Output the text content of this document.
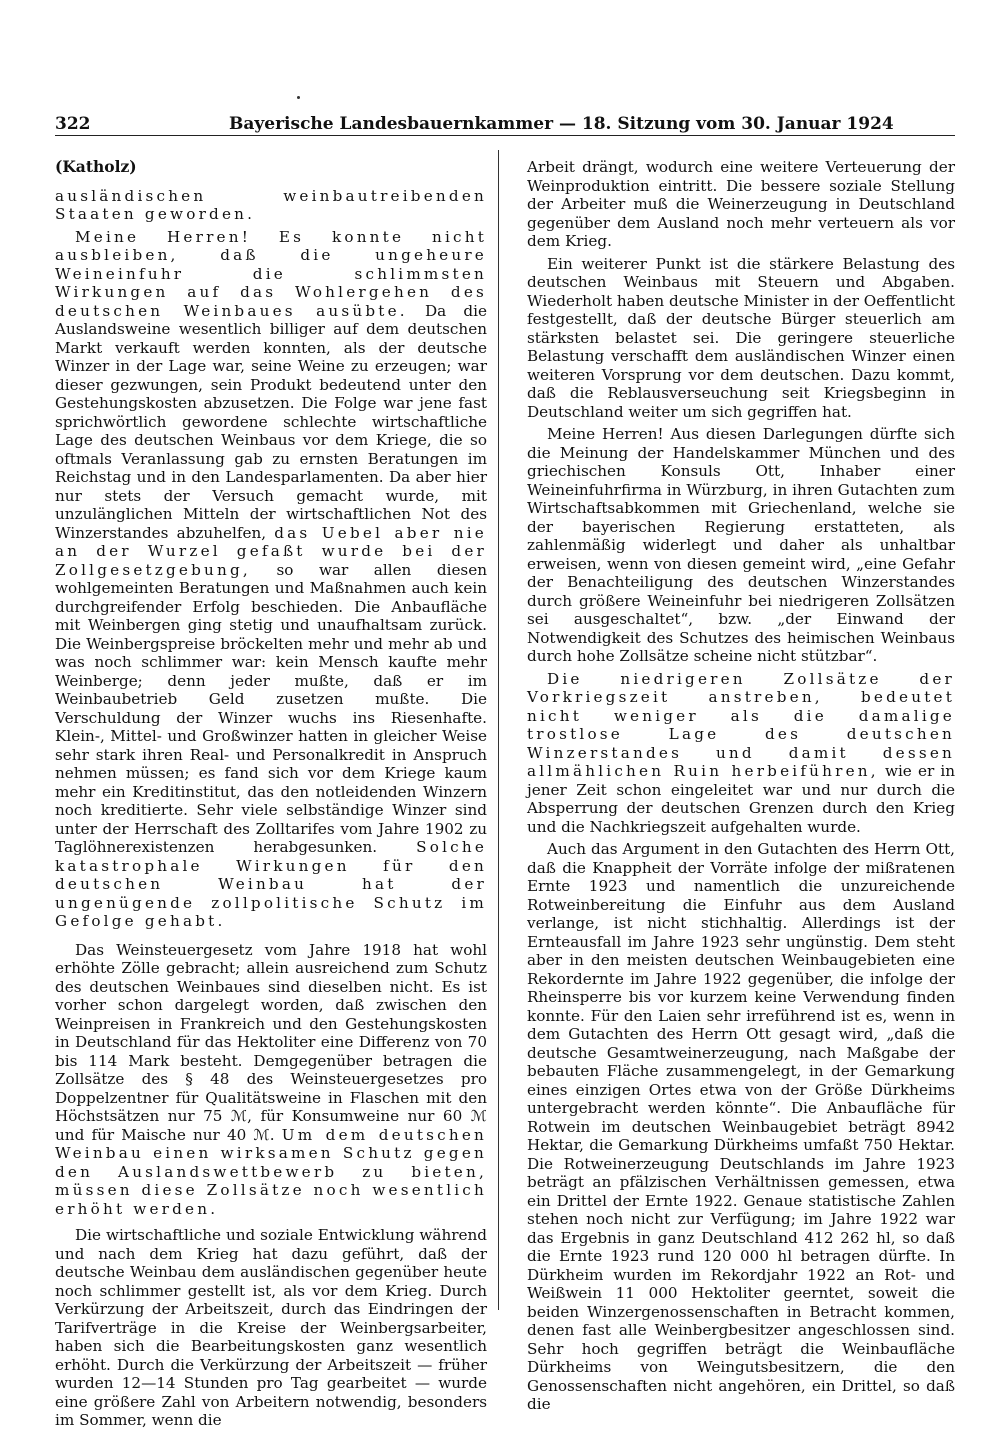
322	Bayerische Landesbauernkammer — 18. Sitzung vom 30. Januar 1924
(Katholz)

ausländischen weinbautreibenden Staaten geworden.

Meine Herren! Es konnte nicht ausbleiben, daß die ungeheure Weineinfuhr die schlimmsten Wirkungen auf das Wohlergehen des deutschen Weinbaues ausübte. Da die Auslandsweine wesentlich billiger auf dem deutschen Markt verkauft werden konnten, als der deutsche Winzer in der Lage war, seine Weine zu erzeugen; war dieser gezwungen, sein Produkt bedeutend unter den Gestehungskosten abzusetzen. Die Folge war jene fast sprichwörtlich gewordene schlechte wirtschaftliche Lage des deutschen Weinbaus vor dem Kriege, die so oftmals Veranlassung gab zu ernsten Beratungen im Reichstag und in den Landesparlamenten. Da aber hier nur stets der Versuch gemacht wurde, mit unzulänglichen Mitteln der wirtschaftlichen Not des Winzerstandes abzuhelfen, das Uebel aber nie an der Wurzel gefaßt wurde bei der Zollgesetzgebung, so war allen diesen wohlgemeinten Beratungen und Maßnahmen auch kein durchgreifender Erfolg beschieden. Die Anbaufläche mit Weinbergen ging stetig und unaufhaltsam zurück. Die Weinbergspreise bröckelten mehr und mehr ab und was noch schlimmer war: kein Mensch kaufte mehr Weinberge; denn jeder mußte, daß er im Weinbaubetrieb Geld zusetzen mußte. Die Verschuldung der Winzer wuchs ins Riesenhafte. Klein-, Mittel- und Großwinzer hatten in gleicher Weise sehr stark ihren Real- und Personalkredit in Anspruch nehmen müssen; es fand sich vor dem Kriege kaum mehr ein Kreditinstitut, das den notleidenden Winzern noch kreditierte. Sehr viele selbständige Winzer sind unter der Herrschaft des Zolltarifes vom Jahre 1902 zu Taglöhnerexistenzen herabgesunken.	Solche katastrophale Wirkungen für den deutschen Weinbau hat der ungenügende zollpolitische Schutz im Gefolge gehabt.

Das Weinsteuergesetz vom Jahre 1918 hat wohl erhöhte Zölle gebracht; allein ausreichend zum Schutz des deutschen Weinbaues sind dieselben nicht. Es ist vorher schon dargelegt worden, daß zwischen den Weinpreisen in Frankreich und den Gestehungskosten in Deutschland für das Hektoliter eine Differenz von 70 bis 114 Mark besteht. Demgegenüber betragen die Zollsätze des § 48 des Weinsteuergesetzes pro Doppelzentner für Qualitätsweine in Flaschen mit den Höchstsätzen nur 75 ℳ, für Konsumweine nur 60 ℳ und für Maische nur 40 ℳ. Um dem deutschen Weinbau einen wirksamen Schutz gegen den Auslandswettbewerb zu bieten, müssen diese Zollsätze noch wesentlich erhöht werden.

Die wirtschaftliche und soziale Entwicklung während und nach dem Krieg hat dazu geführt, daß der deutsche Weinbau dem ausländischen gegenüber heute noch schlimmer gestellt ist, als vor dem Krieg. Durch Verkürzung der Arbeitszeit, durch das Eindringen der Tarifverträge in die Kreise der Weinbergsarbeiter, haben sich die Bearbeitungskosten ganz wesentlich erhöht. Durch die Verkürzung der Arbeitszeit — früher wurden 12—14 Stunden pro Tag gearbeitet — wurde eine größere Zahl von Arbeitern notwendig, besonders im Sommer, wenn die

Arbeit drängt, wodurch eine weitere Verteuerung der Weinproduktion eintritt. Die bessere soziale Stellung der Arbeiter muß die Weinerzeugung in Deutschland gegenüber dem Ausland noch mehr verteuern als vor dem Krieg.

Ein weiterer Punkt ist die stärkere Belastung des deutschen Weinbaus mit Steuern und Abgaben. Wiederholt haben deutsche Minister in der Oeffentlicht festgestellt, daß der deutsche Bürger steuerlich am stärksten belastet sei. Die geringere steuerliche Belastung verschafft dem ausländischen Winzer einen weiteren Vorsprung vor dem deutschen. Dazu kommt, daß die Reblausverseuchung seit Kriegsbeginn in Deutschland weiter um sich gegriffen hat.

Meine Herren! Aus diesen Darlegungen dürfte sich die Meinung der Handelskammer München und des griechischen Konsuls Ott, Inhaber einer Weineinfuhrfirma in Würzburg, in ihren Gutachten zum Wirtschaftsabkommen mit Griechenland, welche sie der bayerischen Regierung erstatteten, als zahlenmäßig widerlegt und daher als unhaltbar erweisen, wenn von diesen gemeint wird, „eine Gefahr der Benachteiligung des deutschen Winzerstandes durch größere Weineinfuhr bei niedrigeren Zollsätzen sei ausgeschaltet“, bzw. „der Einwand der Notwendigkeit des Schutzes des heimischen Weinbaus durch hohe Zollsätze scheine nicht stützbar“.

Die niedrigeren Zollsätze der Vorkriegszeit anstreben, bedeutet nicht weniger als die damalige trostlose Lage des deutschen Winzerstandes und damit dessen allmählichen Ruin herbeiführen, wie er in jener Zeit schon eingeleitet war und nur durch die Absperrung der deutschen Grenzen durch den Krieg und die Nachkriegszeit aufgehalten wurde.

Auch das Argument in den Gutachten des Herrn Ott, daß die Knappheit der Vorräte infolge der mißratenen Ernte 1923 und namentlich die unzureichende Rotweinbereitung die Einfuhr aus dem Ausland verlange, ist nicht stichhaltig. Allerdings ist der Ernteausfall im Jahre 1923 sehr ungünstig. Dem steht aber in den meisten deutschen Weinbaugebieten eine Rekordernte im Jahre 1922 gegenüber, die infolge der Rheinsperre bis vor kurzem keine Verwendung finden konnte. Für den Laien sehr irreführend ist es, wenn in dem Gutachten des Herrn Ott gesagt wird, „daß die deutsche Gesamtweinerzeugung, nach Maßgabe der bebauten Fläche zusammengelegt, in der Gemarkung eines einzigen Ortes etwa von der Größe Dürkheims untergebracht werden könnte“. Die Anbaufläche für Rotwein im deutschen Weinbaugebiet beträgt 8942 Hektar, die Gemarkung Dürkheims umfaßt 750 Hektar. Die Rotweinerzeugung Deutschlands im Jahre 1923 beträgt an pfälzischen Verhältnissen gemessen, etwa ein Drittel der Ernte 1922. Genaue statistische Zahlen stehen noch nicht zur Verfügung; im Jahre 1922 war das Ergebnis in ganz Deutschland 412 262 hl, so daß die Ernte 1923 rund 120 000 hl betragen dürfte. In Dürkheim wurden im Rekordjahr 1922 an Rot- und Weißwein 11 000 Hektoliter geerntet, soweit die beiden Winzergenossenschaften in Betracht kommen, denen fast alle Weinbergbesitzer angeschlossen sind. Sehr hoch gegriffen beträgt die Weinbaufläche Dürkheims von Weingutsbesitzern, die den Genossenschaften nicht angehören, ein Drittel, so daß die
